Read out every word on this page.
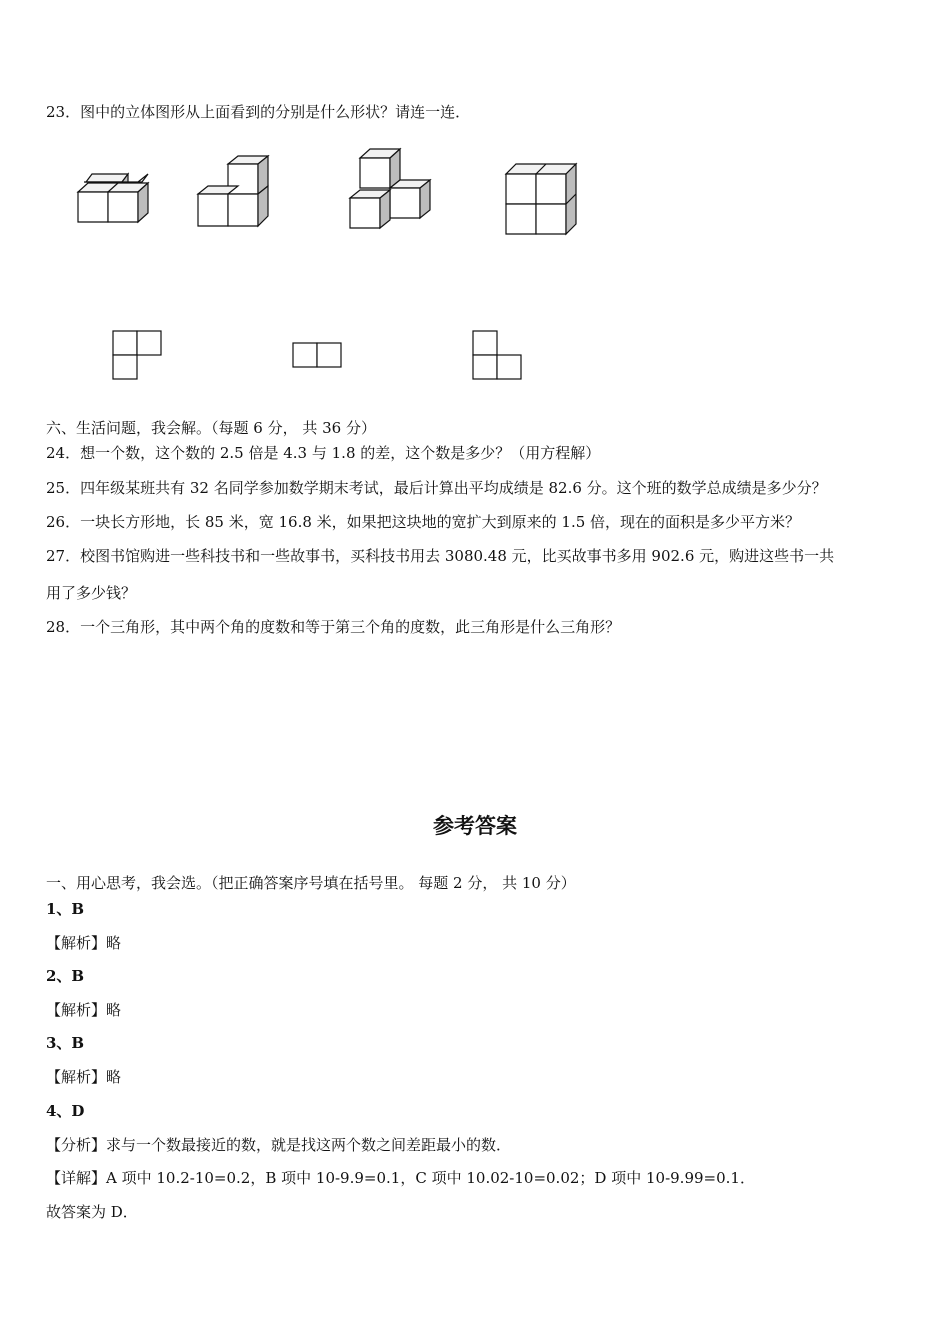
23．图中的立体图形从上面看到的分别是什么形状？请连一连．
六、生活问题，我会解。（每题 6 分， 共 36 分）
24．想一个数，这个数的 2.5 倍是 4.3 与 1.8 的差，这个数是多少？（用方程解）
25．四年级某班共有 32 名同学参加数学期末考试，最后计算出平均成绩是 82.6 分。这个班的数学总成绩是多少分？
26．一块长方形地，长 85 米，宽 16.8 米，如果把这块地的宽扩大到原来的 1.5 倍，现在的面积是多少平方米？
27．校图书馆购进一些科技书和一些故事书，买科技书用去 3080.48 元，比买故事书多用 902.6 元，购进这些书一共
用了多少钱？
28．一个三角形，其中两个角的度数和等于第三个角的度数，此三角形是什么三角形？
参考答案
一、用心思考，我会选。（把正确答案序号填在括号里。 每题 2 分， 共 10 分）
1、B
【解析】略
2、B
【解析】略
3、B
【解析】略
4、D
【分析】求与一个数最接近的数，就是找这两个数之间差距最小的数．
【详解】A 项中 10.2-10=0.2，B 项中 10-9.9=0.1，C 项中 10.02-10=0.02；D 项中 10-9.99=0.1．
故答案为 D．
